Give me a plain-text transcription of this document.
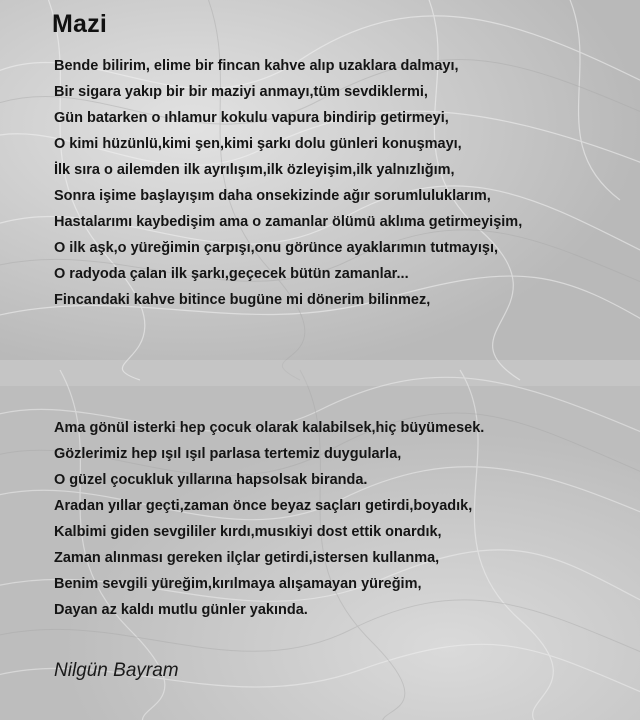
Mazi
Bende bilirim, elime bir fincan kahve alıp uzaklara dalmayı,
Bir sigara yakıp bir bir maziyi anmayı,tüm sevdiklermi,
Gün batarken o ıhlamur kokulu vapura bindirip getirmeyi,
O kimi hüzünlü,kimi şen,kimi şarkı dolu günleri konuşmayı,
İlk sıra o ailemden ilk ayrılışım,ilk özleyişim,ilk yalnızlığım,
Sonra işime başlayışım daha onsekizinde ağır sorumluluklarım,
Hastalarımı kaybedişim ama o zamanlar ölümü aklıma getirmeyişim,
O ilk aşk,o yüreğimin çarpışı,onu görünce ayaklarımın tutmayışı,
O radyoda çalan ilk şarkı,geçecek bütün zamanlar...
Fincandaki kahve bitince bugüne mi dönerim bilinmez,
Ama gönül isterki hep çocuk olarak kalabilsek,hiç büyümesek.
Gözlerimiz hep ışıl ışıl parlasa tertemiz duygularla,
O güzel çocukluk yıllarına hapsolsak biranda.
Aradan yıllar geçti,zaman önce beyaz saçları getirdi,boyadık,
Kalbimi giden sevgililer kırdı,musıkiyi dost ettik onardık,
Zaman alınması gereken ilçlar getirdi,istersen kullanma,
Benim sevgili yüreğim,kırılmaya alışamayan yüreğim,
Dayan az kaldı mutlu günler yakında.

Nilgün Bayram
